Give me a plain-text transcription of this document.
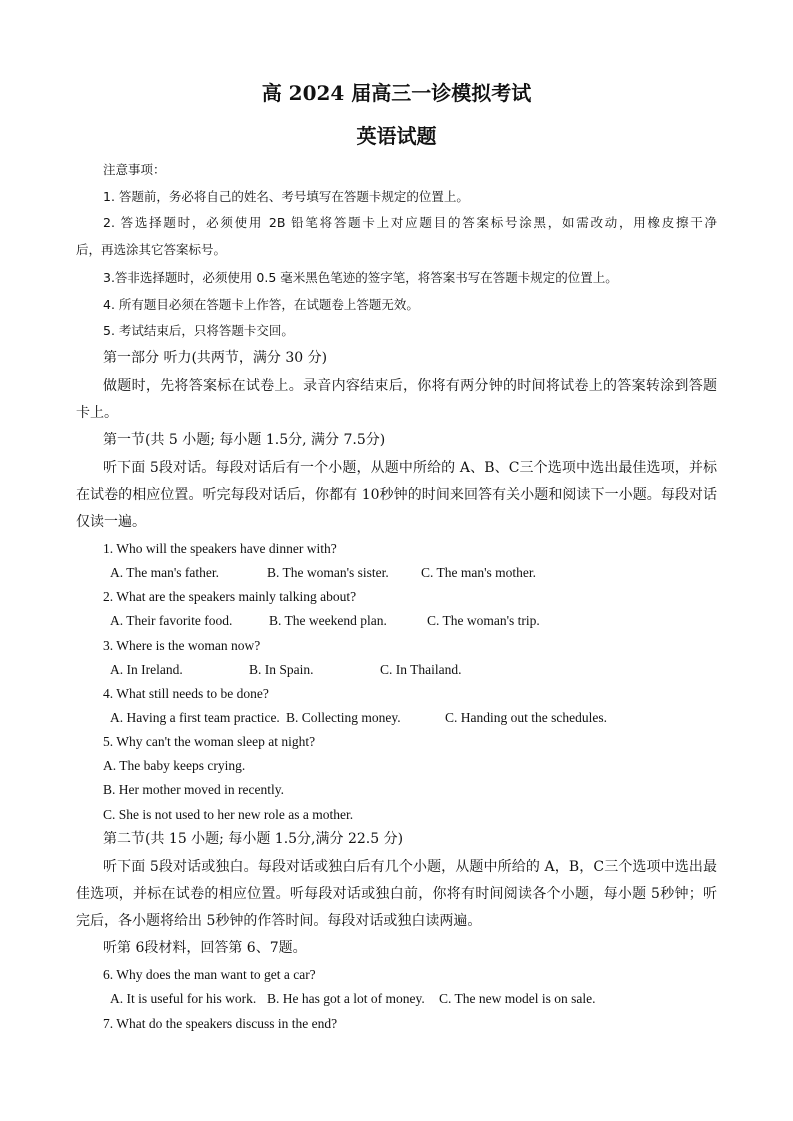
高 2024 届高三一诊模拟考试
英语试题
注意事项：
1. 答题前，务必将自己的姓名、考号填写在答题卡规定的位置上。
2. 答选择题时，必须使用 2B 铅笔将答题卡上对应题目的答案标号涂黑，如需改动，用橡皮擦干净
后，再选涂其它答案标号。
3.答非选择题时，必须使用 0.5 毫米黑色笔迹的签字笔，将答案书写在答题卡规定的位置上。
4. 所有题目必须在答题卡上作答，在试题卷上答题无效。
5. 考试结束后，只将答题卡交回。
第一部分 听力(共两节，满分 30 分)
做题时，先将答案标在试卷上。录音内容结束后，你将有两分钟的时间将试卷上的答案转涂到答题
卡上。
第一节(共 5 小题; 每小题 1.5分, 满分 7.5分)
听下面 5段对话。每段对话后有一个小题，从题中所给的 A、B、C三个选项中选出最佳选项，并标
在试卷的相应位置。听完每段对话后，你都有 10秒钟的时间来回答有关小题和阅读下一小题。每段对话
仅读一遍。
1. Who will the speakers have dinner with?
A. The man's father.	B. The woman's sister. C. The man's mother.
2. What are the speakers mainly talking about?
A. Their favorite food.	B. The weekend plan.	C. The woman's trip.
3. Where is the woman now?
A. In Ireland.	B. In Spain.	C. In Thailand.
4. What still needs to be done?
A. Having a first team practice. B. Collecting money.	C. Handing out the schedules.
5. Why can't the woman sleep at night?
A. The baby keeps crying.
B. Her mother moved in recently.
C. She is not used to her new role as a mother.
第二节(共 15 小题; 每小题 1.5分,满分 22.5 分)
听下面 5段对话或独白。每段对话或独白后有几个小题，从题中所给的 A，B，C三个选项中选出最
佳选项，并标在试卷的相应位置。听每段对话或独白前，你将有时间阅读各个小题，每小题 5秒钟；听
完后，各小题将给出 5秒钟的作答时间。每段对话或独白读两遍。
听第 6段材料，回答第 6、7题。
6. Why does the man want to get a car?
A. It is useful for his work. B. He has got a lot of money. C. The new model is on sale.
7. What do the speakers discuss in the end?
